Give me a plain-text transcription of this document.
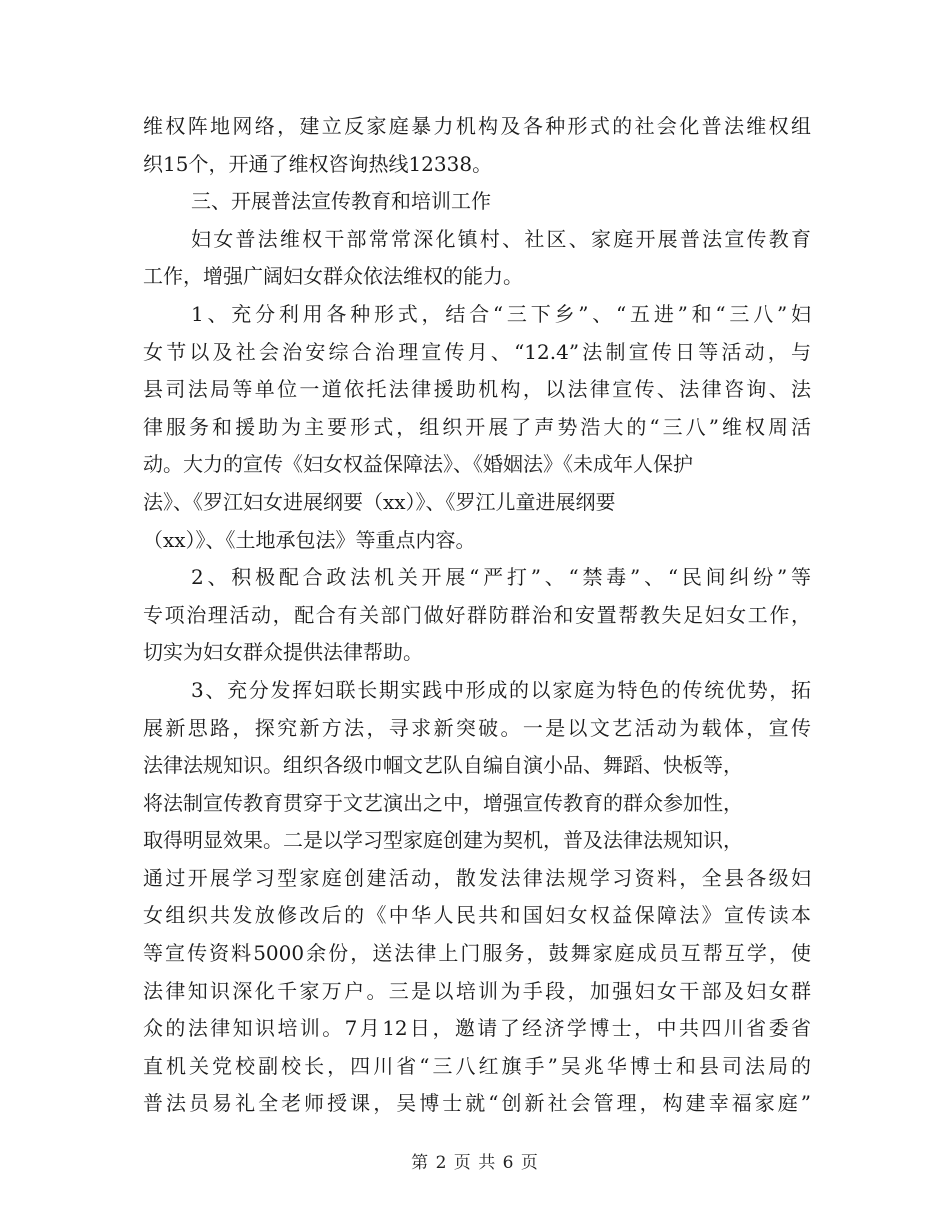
维权阵地网络，建立反家庭暴力机构及各种形式的社会化普法维权组
织15个，开通了维权咨询热线12338。
三、开展普法宣传教育和培训工作
妇女普法维权干部常常深化镇村、社区、家庭开展普法宣传教育
工作，增强广阔妇女群众依法维权的能力。
1、充分利用各种形式，结合“三下乡”、“五进”和“三八”妇
女节以及社会治安综合治理宣传月、“12.4”法制宣传日等活动，与
县司法局等单位一道依托法律援助机构，以法律宣传、法律咨询、法
律服务和援助为主要形式，组织开展了声势浩大的“三八”维权周活
动。大力的宣传《妇女权益保障法》、《婚姻法》《未成年人保护
法》、《罗江妇女进展纲要（xx）》、《罗江儿童进展纲要
（xx）》、《土地承包法》等重点内容。
2、积极配合政法机关开展“严打”、“禁毒”、“民间纠纷”等
专项治理活动，配合有关部门做好群防群治和安置帮教失足妇女工作，
切实为妇女群众提供法律帮助。
3、充分发挥妇联长期实践中形成的以家庭为特色的传统优势，拓
展新思路，探究新方法，寻求新突破。一是以文艺活动为载体，宣传
法律法规知识。组织各级巾帼文艺队自编自演小品、舞蹈、快板等，
将法制宣传教育贯穿于文艺演出之中，增强宣传教育的群众参加性，
取得明显效果。二是以学习型家庭创建为契机，普及法律法规知识，
通过开展学习型家庭创建活动，散发法律法规学习资料，全县各级妇
女组织共发放修改后的《中华人民共和国妇女权益保障法》宣传读本
等宣传资料5000余份，送法律上门服务，鼓舞家庭成员互帮互学，使
法律知识深化千家万户。三是以培训为手段，加强妇女干部及妇女群
众的法律知识培训。7月12日，邀请了经济学博士，中共四川省委省
直机关党校副校长，四川省“三八红旗手”吴兆华博士和县司法局的
普法员易礼全老师授课，吴博士就“创新社会管理，构建幸福家庭”
第 2 页 共 6 页
